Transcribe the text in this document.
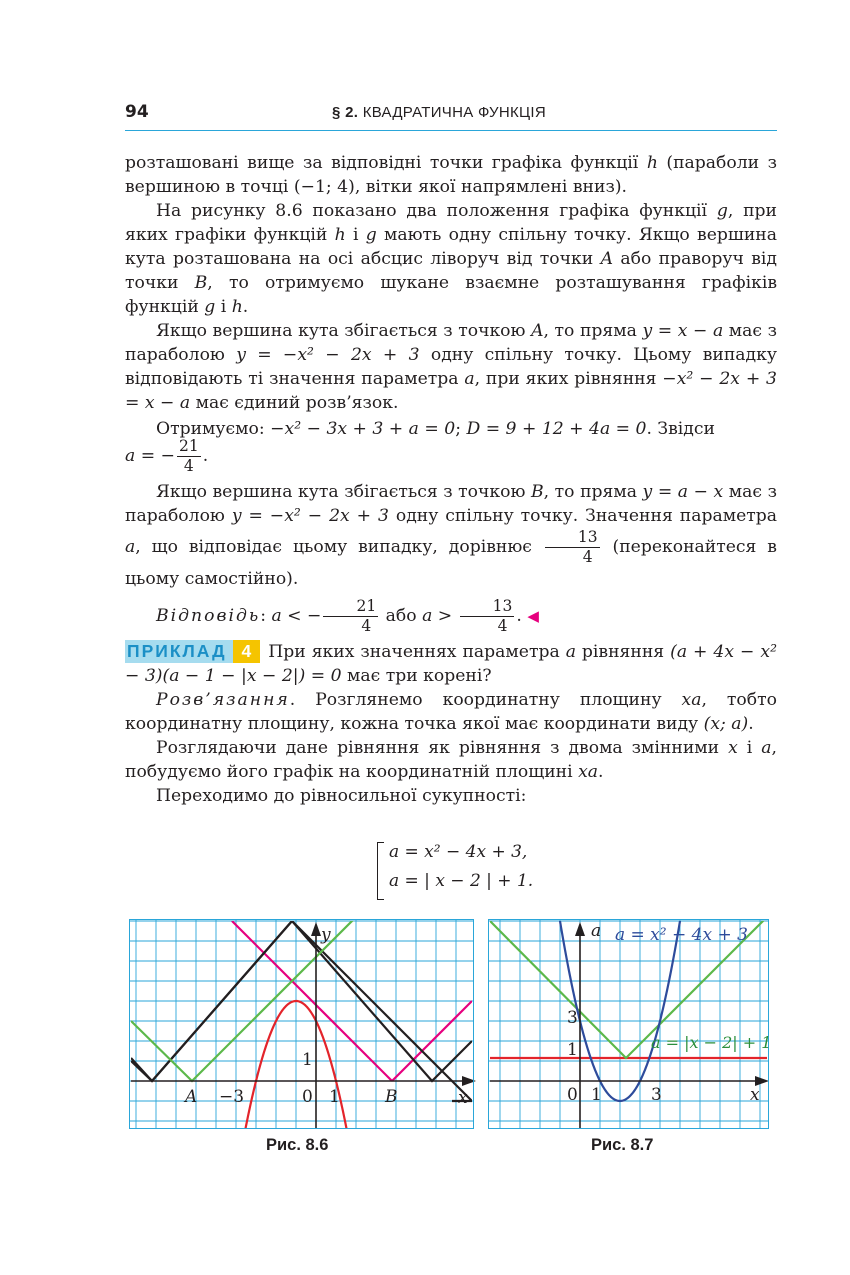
94	§ 2. КВАДРАТИЧНА ФУНКЦІЯ

розташовані вище за відповідні точки графіка функції h (параболи з вершиною в точці (−1; 4), вітки якої напрямлені вниз).

На рисунку 8.6 показано два положення графіка функції g, при яких графіки функцій h і g мають одну спільну точку. Якщо вершина кута розташована на осі абсцис ліворуч від точки A або праворуч від точки B, то отримуємо шукане взаємне розташування графіків функцій g і h.

Якщо вершина кута збігається з точкою A, то пряма y = x − a має з параболою y = −x² − 2x + 3 одну спільну точку. Цьому випадку відповідають ті значення параметра a, при яких рівняння −x² − 2x + 3 = x − a має єдиний розв’язок.

Отримуємо: −x² − 3x + 3 + a = 0; D = 9 + 12 + 4a = 0. Звідси

a = − $\frac{21}{4}$ .

Якщо вершина кута збігається з точкою B, то пряма y = a − x має з параболою y = −x² − 2x + 3 одну спільну точку. Значення параметра a, що відповідає цьому випадку, дорівнює $\frac{13}{4}$ (переконайтеся в цьому самостійно).

Відповідь: a < − $\frac{21}{4}$ або $a > \frac{13}{4}$ . ◀

ПРИКЛАД 4 При яких значеннях параметра a рівняння (a + 4x − x² − 3)(a − 1 − |x − 2|) = 0 має три корені?

Розв’язання. Розглянемо координатну площину xa, тобто координатну площину, кожна точка якої має координати виду (x; a).

Розглядаючи дане рівняння як рівняння з двома змінними x і a, побудуємо його графік на координатній площині xa.

Переходимо до рівносильної сукупності:

a = x² − 4x + 3,
a = | x − 2 | + 1.
y
x
A	B
−3	0 1
1
Рис. 8.6
a
x
0 1	3
3
1
a = x² − 4x + 3
a = |x − 2| + 1
Рис. 8.7
